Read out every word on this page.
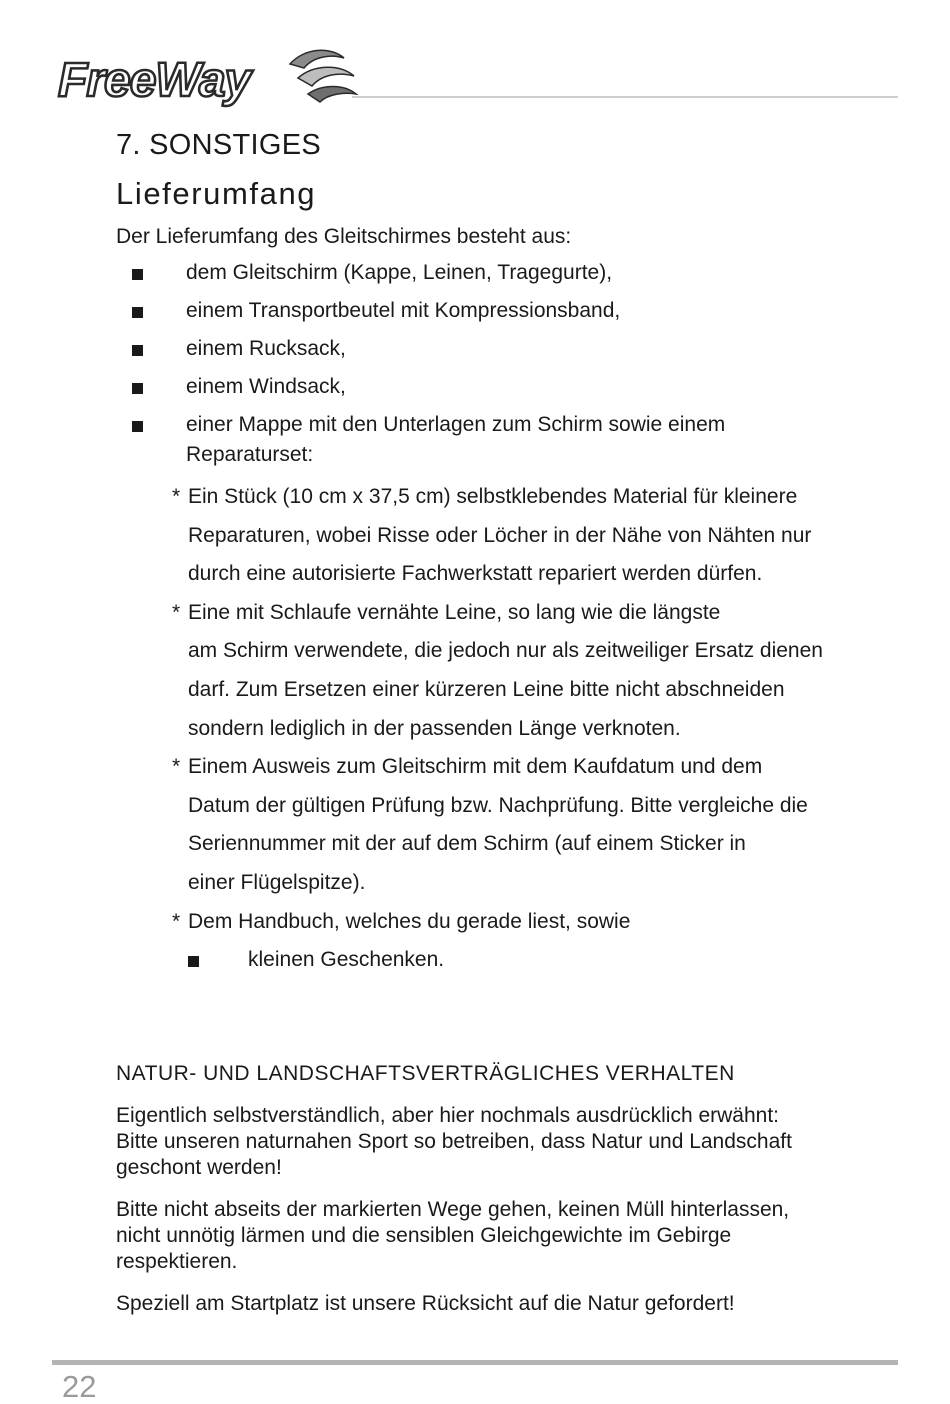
FreeWay
7. SONSTIGES
Lieferumfang

Der Lieferumfang des Gleitschirmes besteht aus:

dem Gleitschirm (Kappe, Leinen, Tragegurte),
einem Transportbeutel mit Kompressionsband,
einem Rucksack,
einem Windsack,
einer Mappe mit den Unterlagen zum Schirm sowie einem
Reparaturset:
* Ein Stück (10 cm x 37,5 cm) selbstklebendes Material für kleinere
Reparaturen, wobei Risse oder Löcher in der Nähe von Nähten nur
durch eine autorisierte Fachwerkstatt repariert werden dürfen.
* Eine mit Schlaufe vernähte Leine, so lang wie die längste
am Schirm verwendete, die jedoch nur als zeitweiliger Ersatz dienen
darf. Zum Ersetzen einer kürzeren Leine bitte nicht abschneiden
sondern lediglich in der passenden Länge verknoten.
* Einem Ausweis zum Gleitschirm mit dem Kaufdatum und dem
Datum der gültigen Prüfung bzw. Nachprüfung. Bitte vergleiche die
Seriennummer mit der auf dem Schirm (auf einem Sticker in
einer Flügelspitze).
* Dem Handbuch, welches du gerade liest, sowie
kleinen Geschenken.
NATUR- UND LANDSCHAFTSVERTRÄGLICHES VERHALTEN

Eigentlich selbstverständlich, aber hier nochmals ausdrücklich erwähnt:
Bitte unseren naturnahen Sport so betreiben, dass Natur und Landschaft
geschont werden!

Bitte nicht abseits der markierten Wege gehen, keinen Müll hinterlassen,
nicht unnötig lärmen und die sensiblen Gleichgewichte im Gebirge
respektieren.

Speziell am Startplatz ist unsere Rücksicht auf die Natur gefordert!

22
